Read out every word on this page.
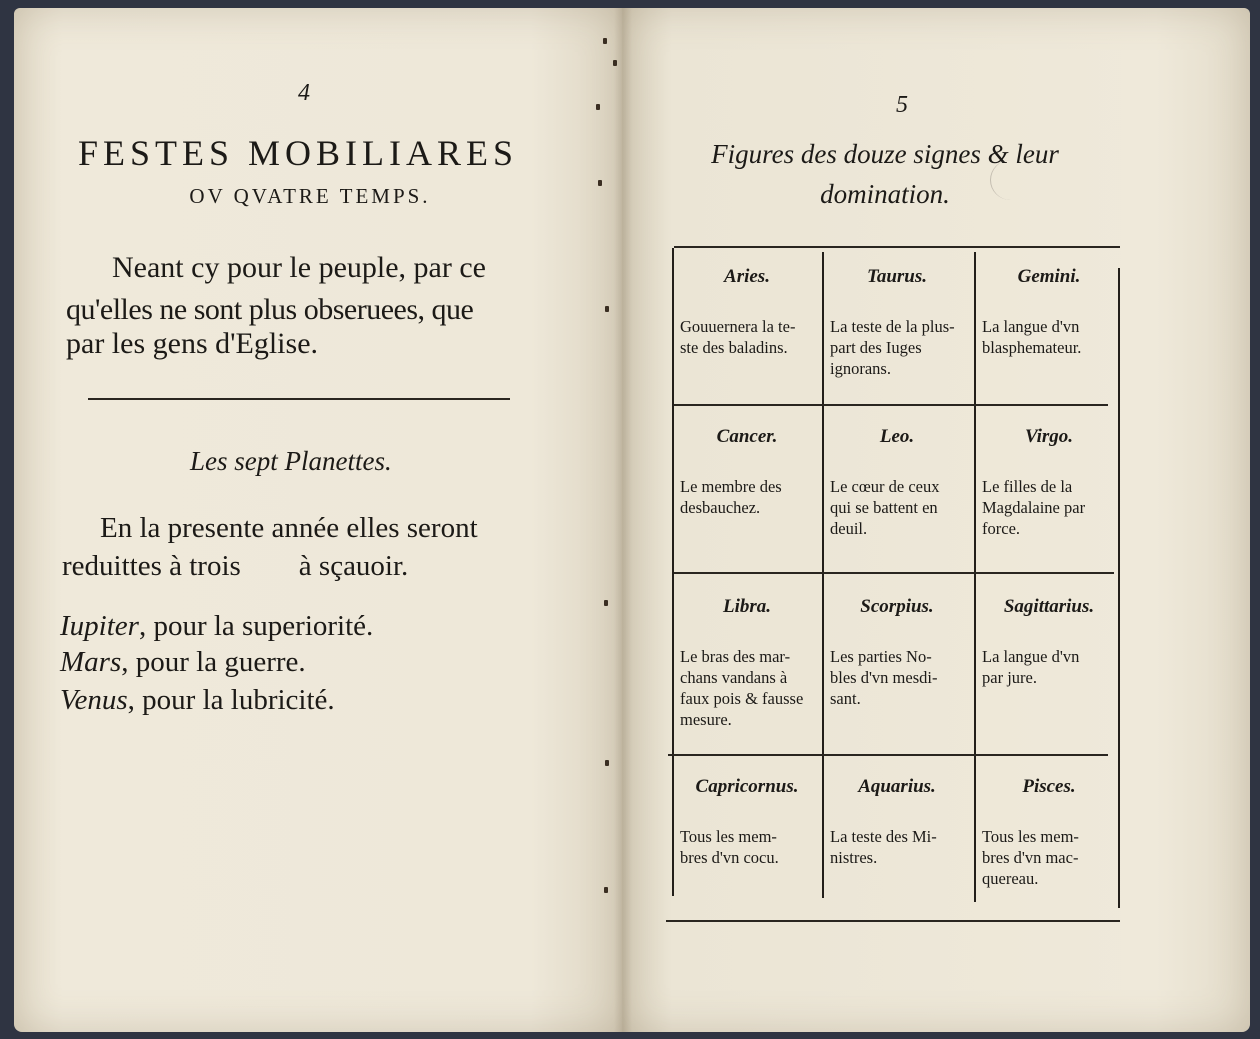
4
FESTES MOBILIARES
OV QVATRE TEMPS.
Neant cy pour le peuple, par ce
qu'elles ne sont plus obseruees, que
par les gens d'Eglise.
Les sept Planettes.
En la presente année elles seront
reduittes à trois        à sçauoir.
Iupiter, pour la superiorité.
Mars, pour la guerre.
Venus, pour la lubricité.
5
Figures des douze signes & leur
domination.
Aries.
Gouuernera la te-
ste des baladins.
Taurus.
La teste de la plus-
part des Iuges
ignorans.
Gemini.
La langue d'vn
blasphemateur.
Cancer.
Le membre des
desbauchez.
Leo.
Le cœur de ceux
qui se battent en
deuil.
Virgo.
Le filles de la
Magdalaine par
force.
Libra.
Le bras des mar-
chans vandans à
faux pois & fausse
mesure.
Scorpius.
Les parties No-
bles d'vn mesdi-
sant.
Sagittarius.
La langue d'vn
par jure.
Capricornus.
Tous les mem-
bres d'vn cocu.
Aquarius.
La teste des Mi-
nistres.
Pisces.
Tous les mem-
bres d'vn mac-
quereau.
